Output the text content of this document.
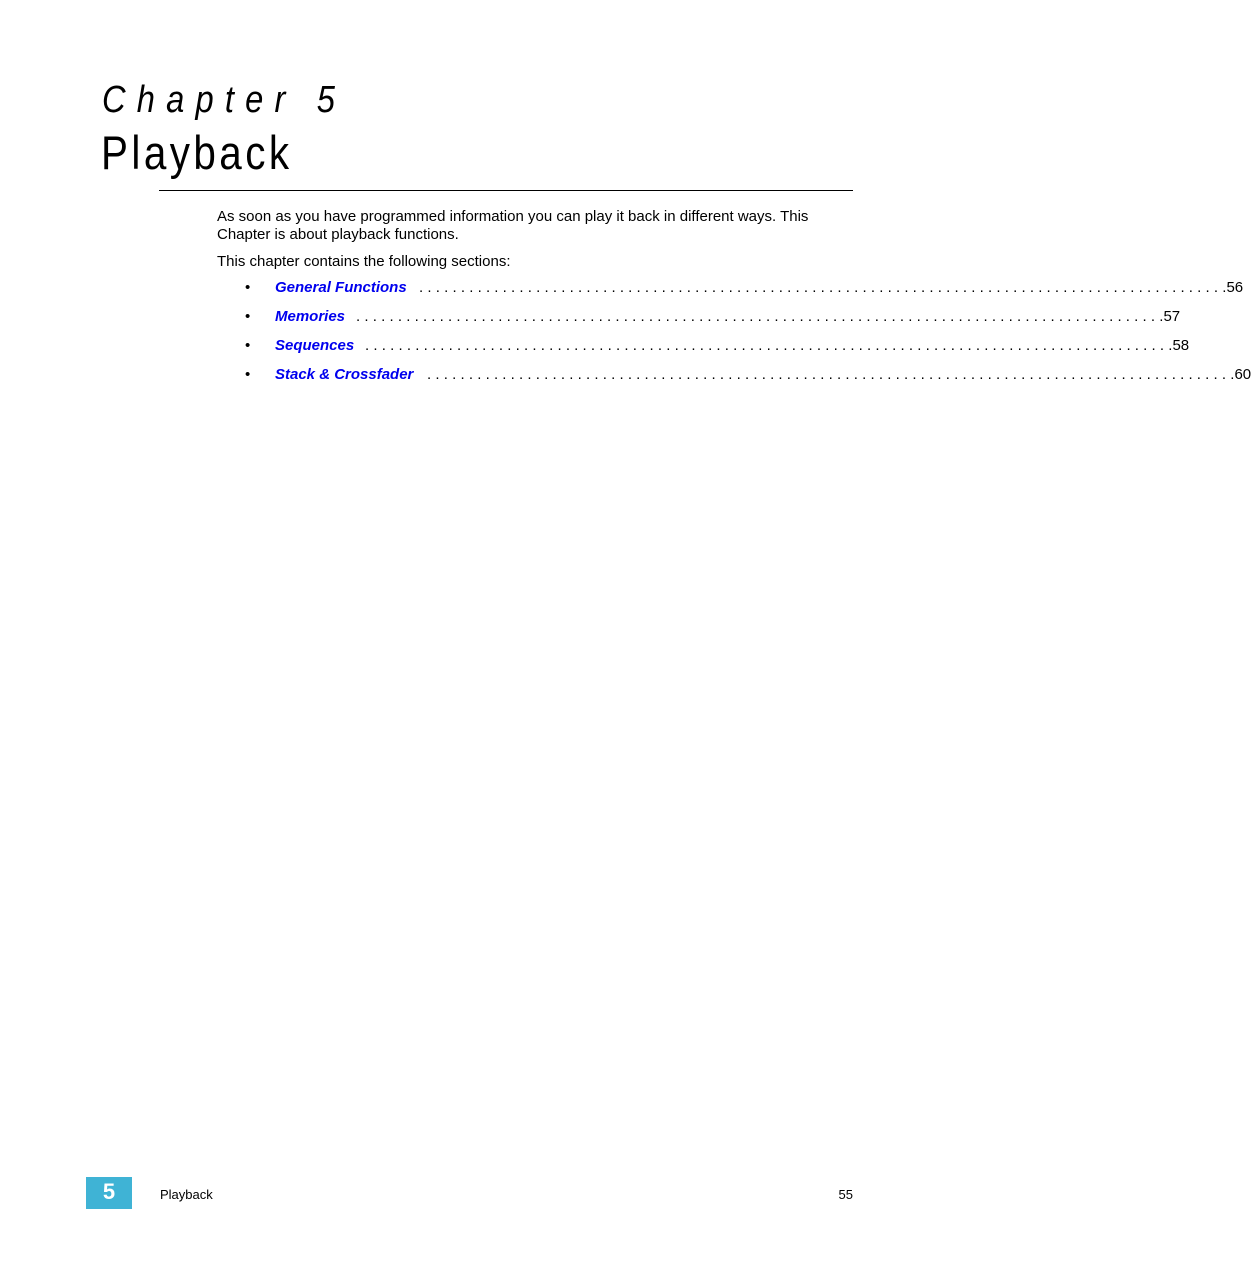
Chapter 5
Playback

As soon as you have programmed information you can play it back in different ways. This Chapter is about playback functions.

This chapter contains the following sections:

• General Functions ................................................................................................ .56
• Memories ................................................................................................ .57
• Sequences ................................................................................................ .58
• Stack & Crossfader ................................................................................................ .60
5	Playback	55
